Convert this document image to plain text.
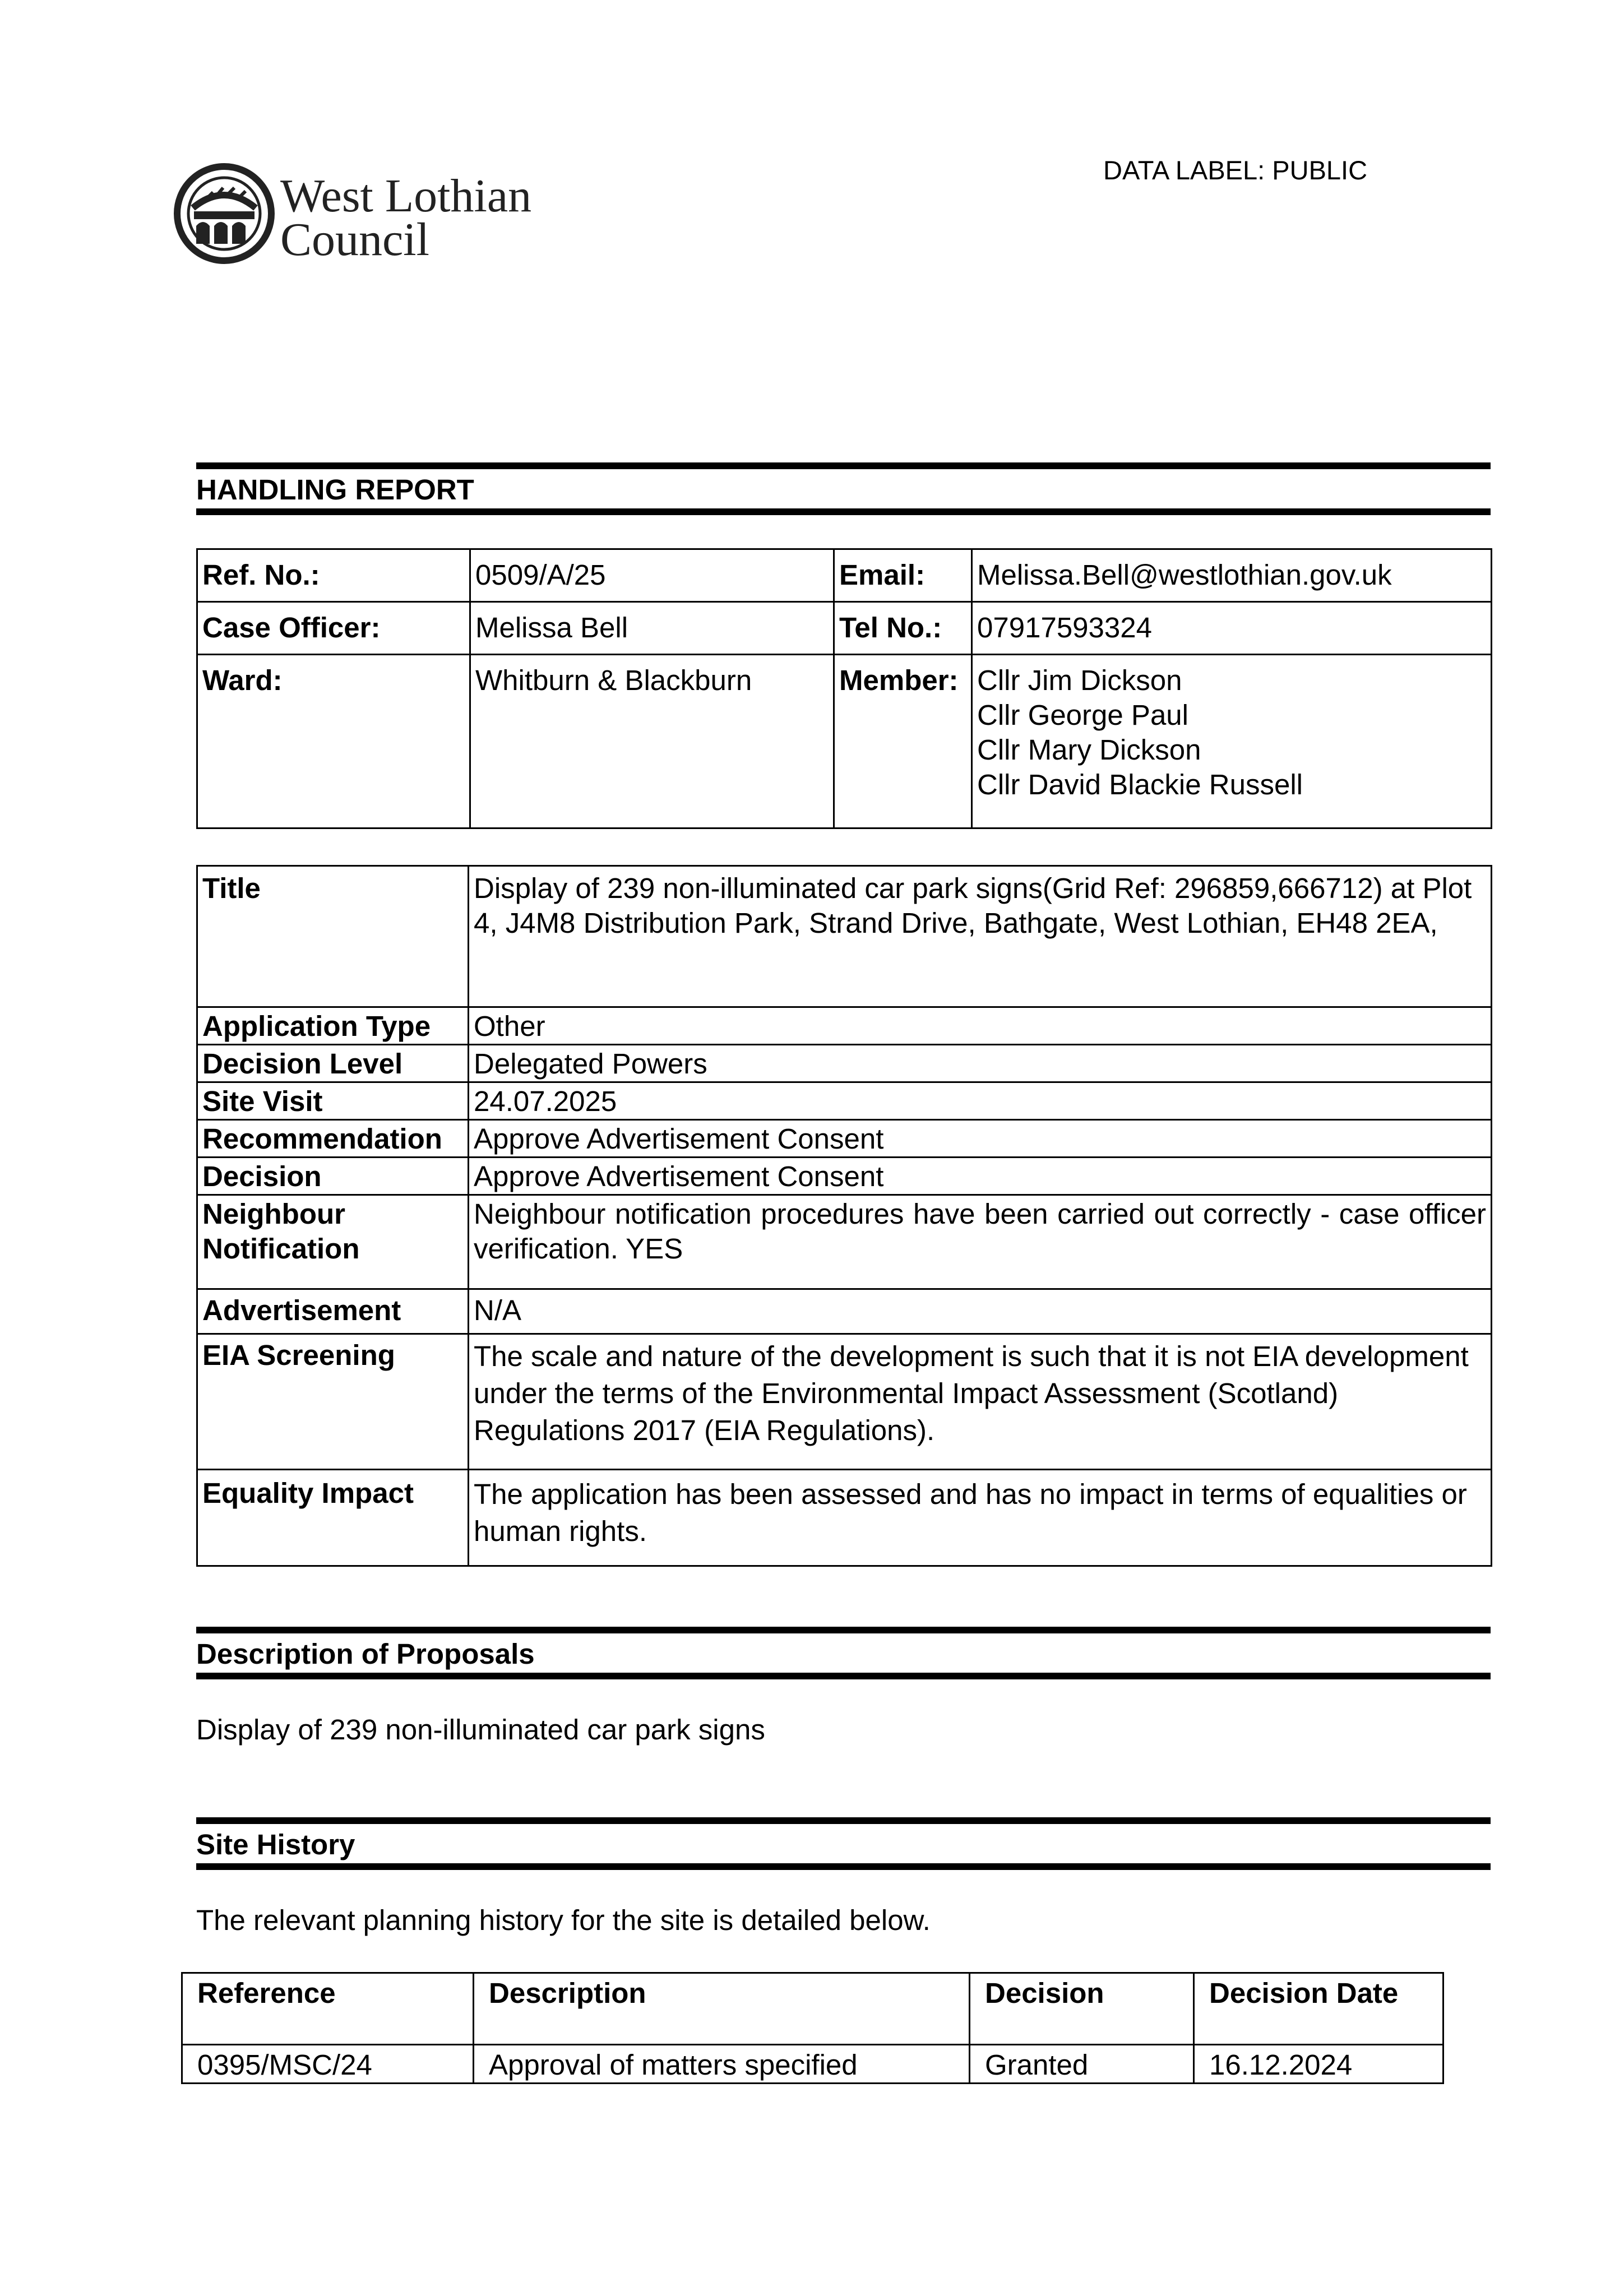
West Lothian
Council
DATA LABEL: PUBLIC
HANDLING REPORT
Ref. No.:	0509/A/25	Email:	Melissa.Bell@westlothian.gov.uk
Case Officer:	Melissa Bell	Tel No.:	07917593324
Ward:	Whitburn & Blackburn	Member:	Cllr Jim Dickson
Cllr George Paul
Cllr Mary Dickson
Cllr David Blackie Russell
Title	Display of 239 non-illuminated car park signs(Grid Ref: 296859,666712) at Plot 4, J4M8 Distribution Park, Strand Drive, Bathgate, West Lothian, EH48 2EA,
Application Type	Other
Decision Level	Delegated Powers
Site Visit	24.07.2025
Recommendation	Approve Advertisement Consent
Decision	Approve Advertisement Consent
Neighbour Notification	Neighbour notification procedures have been carried out correctly - case officer verification. YES
Advertisement	N/A
EIA Screening	The scale and nature of the development is such that it is not EIA development under the terms of the Environmental Impact Assessment (Scotland) Regulations 2017 (EIA Regulations).
Equality Impact	The application has been assessed and has no impact in terms of equalities or human rights.
Description of Proposals
Display of 239 non-illuminated car park signs
Site History
The relevant planning history for the site is detailed below.
Reference	Description	Decision	Decision Date
0395/MSC/24	Approval of matters specified	Granted	16.12.2024
